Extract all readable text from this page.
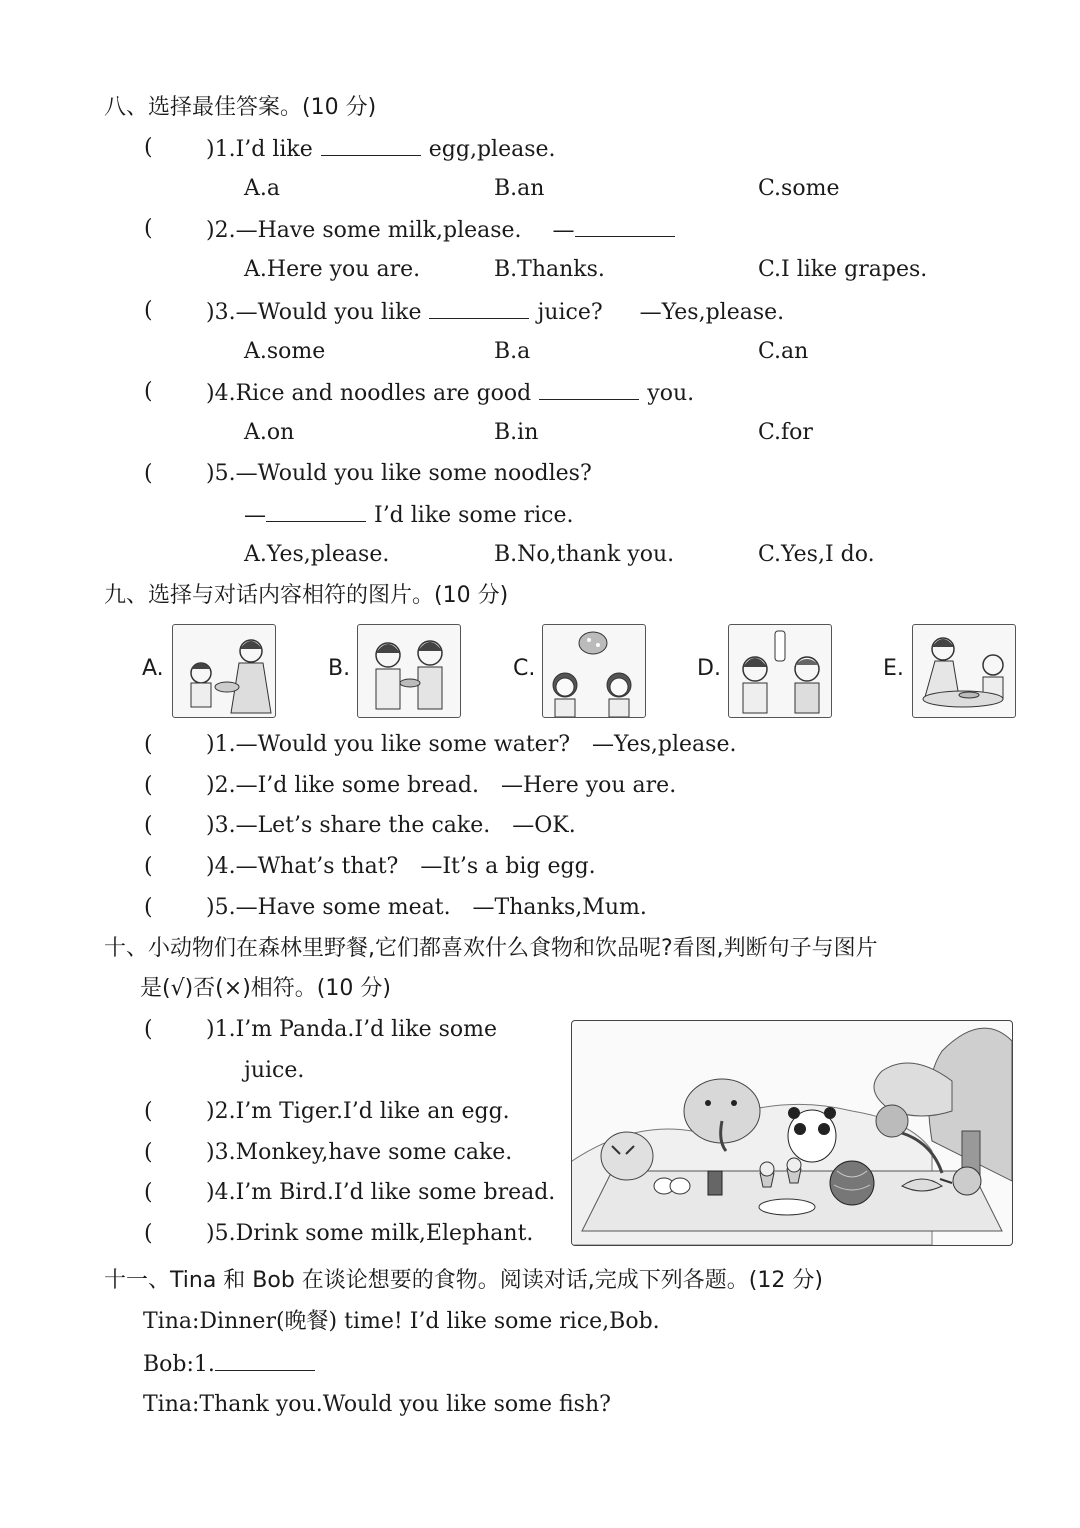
八、选择最佳答案。(10 分)
( )1.I’d like	egg,please.
A.a	B.an	C.some
( )2.—Have some milk,please. —
A.Here you are.	B.Thanks.	C.I like grapes.
( )3.—Would you like	juice? —Yes,please.
A.some	B.a	C.an
( )4.Rice and noodles are good	you.
A.on	B.in	C.for
( )5.—Would you like some noodles?
—	I’d like some rice.
A.Yes,please.	B.No,thank you.	C.Yes,I do.
九、选择与对话内容相符的图片。(10 分)
A.	B.	C.	D.	E.
( )1.—Would you like some water?　—Yes,please.
( )2.—I’d like some bread.　—Here you are.
( )3.—Let’s share the cake.　—OK.
( )4.—What’s that?　—It’s a big egg.
( )5.—Have some meat.　—Thanks,Mum.
十、小动物们在森林里野餐,它们都喜欢什么食物和饮品呢?看图,判断句子与图片
是(√)否(×)相符。(10 分)
( )1.I’m Panda.I’d like some
juice.
( )2.I’m Tiger.I’d like an egg.
( )3.Monkey,have some cake.
( )4.I’m Bird.I’d like some bread.
( )5.Drink some milk,Elephant.
十一、Tina 和 Bob 在谈论想要的食物。阅读对话,完成下列各题。(12 分)
Tina:Dinner(晚餐) time! I’d like some rice,Bob.
Bob:1.
Tina:Thank you.Would you like some fish?
